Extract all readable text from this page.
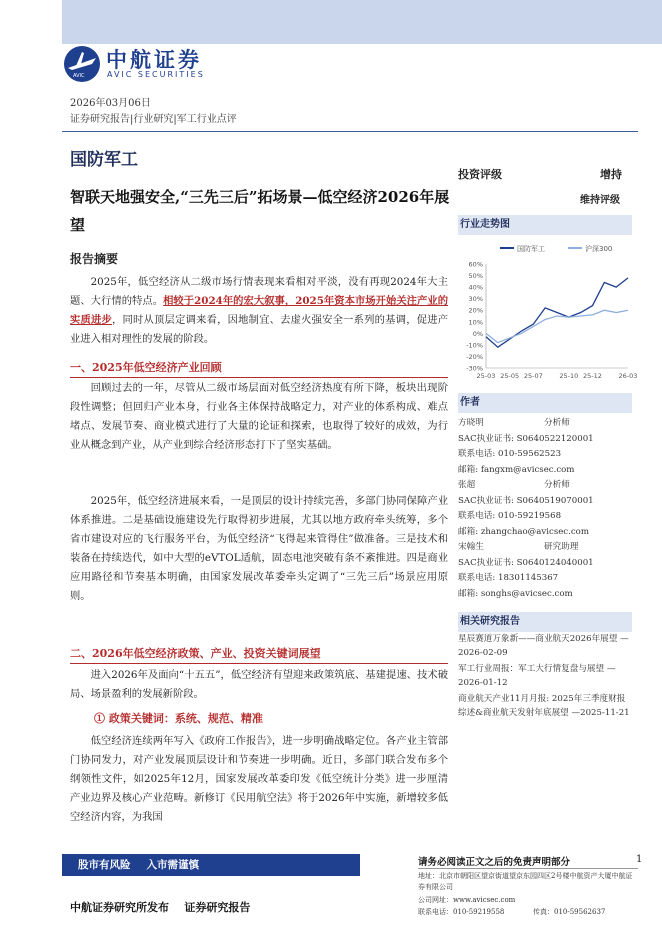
AVIC
中航证券
AVIC SECURITIES
2026年03月06日
证券研究报告|行业研究|军工行业点评
国防军工
智联天地强安全,“三先三后”拓场景—低空经济2026年展望
报告摘要

2025年，低空经济从二级市场行情表现来看相对平淡，没有再现2024年大主题、大行情的特点。相较于2024年的宏大叙事，2025年资本市场开始关注产业的实质进步，同时从顶层定调来看，因地制宜、去虚火强安全一系列的基调，促进产业进入相对理性的发展的阶段。

一、2025年低空经济产业回顾

回顾过去的一年，尽管从二级市场层面对低空经济热度有所下降，板块出现阶段性调整；但回归产业本身，行业各主体保持战略定力，对产业的体系构成、难点堵点、发展节奏、商业模式进行了大量的论证和探索，也取得了较好的成效，为行业从概念到产业，从产业到综合经济形态打下了坚实基础。

2025年，低空经济进展来看，一是顶层的设计持续完善，多部门协同保障产业体系推进。二是基础设施建设先行取得初步进展，尤其以地方政府牵头统筹，多个省市建设对应的飞行服务平台，为低空经济“飞得起来管得住”做准备。三是技术和装备在持续迭代，如中大型的eVTOL适航，固态电池突破有条不紊推进。四是商业应用路径和节奏基本明确，由国家发展改革委牵头定调了“三先三后”场景应用原则。

二、2026年低空经济政策、产业、投资关键词展望

进入2026年及面向“十五五”，低空经济有望迎来政策筑底、基建提速、技术破局、场景盈利的发展新阶段。

① 政策关键词：系统、规范、精准

低空经济连续两年写入《政府工作报告》，进一步明确战略定位。各产业主管部门协同发力，对产业发展顶层设计和节奏进一步明确。近日，多部门联合发布多个纲领性文件，如2025年12月，国家发展改革委印发《低空统计分类》进一步厘清产业边界及核心产业范畴。新修订《民用航空法》将于2026年中实施，新增较多低空经济内容，为我国

投资评级	增持
维持评级
行业走势图
国防军工	沪深300
60%
50%
40%
30%
20%
10%
0%
-10%
-20%
-30%
25-03 25-05 25-07	25-10 25-12	26-03
作者
方晓明	分析师
SAC执业证书: S0640522120001
联系电话: 010-59562523
邮箱: fangxm@avicsec.com
张超	分析师
SAC执业证书: S0640519070001
联系电话: 010-59219568
邮箱: zhangchao@avicsec.com
宋翰生	研究助理
SAC执业证书: S0640124040001
联系电话: 18301145367
邮箱: songhs@avicsec.com
相关研究报告
星辰赛道万象新——商业航天2026年展望 —2026-02-09
军工行业周报：军工大行情复盘与展望 —2026-01-12
商业航天产业11月月报: 2025年三季度财报综述&商业航天发射年底展望 —2025-11-21
股市有风险 入市需谨慎
中航证券研究所发布 证券研究报告
请务必阅读正文之后的免责声明部分	1
地址：北京市朝阳区望京街道望京东园四区2号楼中航资产大厦中航证券有限公司
公司网址：www.avicsec.com
联系电话：010-59219558	传真：010-59562637
